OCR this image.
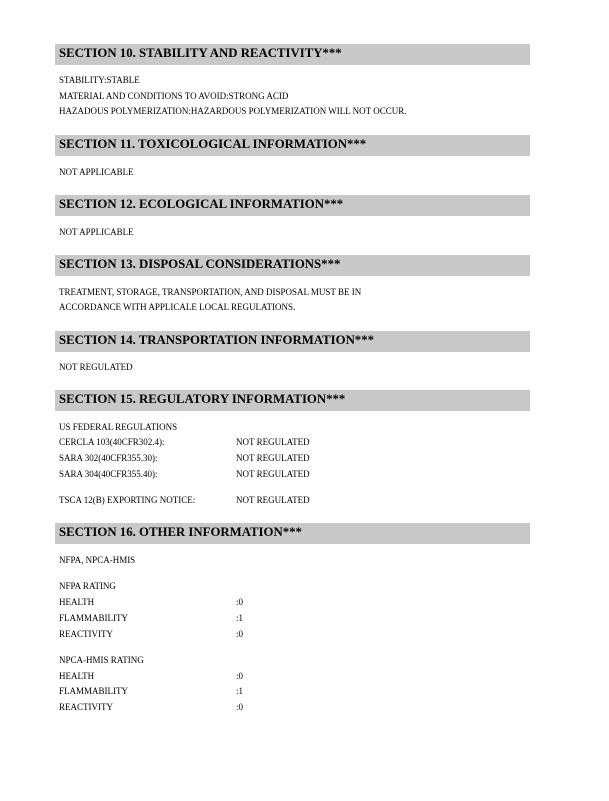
SECTION 10. STABILITY AND REACTIVITY***
STABILITY:STABLE
MATERIAL AND CONDITIONS TO AVOID:STRONG ACID
HAZADOUS POLYMERIZATION:HAZARDOUS POLYMERIZATION WILL NOT OCCUR.
SECTION 11. TOXICOLOGICAL INFORMATION***
NOT APPLICABLE
SECTION 12. ECOLOGICAL INFORMATION***
NOT APPLICABLE
SECTION 13. DISPOSAL CONSIDERATIONS***
TREATMENT, STORAGE, TRANSPORTATION, AND DISPOSAL MUST BE IN
ACCORDANCE WITH APPLICALE LOCAL REGULATIONS.
SECTION 14. TRANSPORTATION INFORMATION***
NOT REGULATED
SECTION 15. REGULATORY INFORMATION***
US FEDERAL REGULATIONS
CERCLA 103(40CFR302.4):	NOT REGULATED
SARA 302(40CFR355.30):	NOT REGULATED
SARA 304(40CFR355.40):	NOT REGULATED
TSCA 12(B) EXPORTING NOTICE:	NOT REGULATED
SECTION 16. OTHER INFORMATION***
NFPA, NPCA-HMIS
NFPA RATING
HEALTH	:0
FLAMMABILITY	:1
REACTIVITY	:0
NPCA-HMIS RATING
HEALTH	:0
FLAMMABILITY	:1
REACTIVITY	:0
